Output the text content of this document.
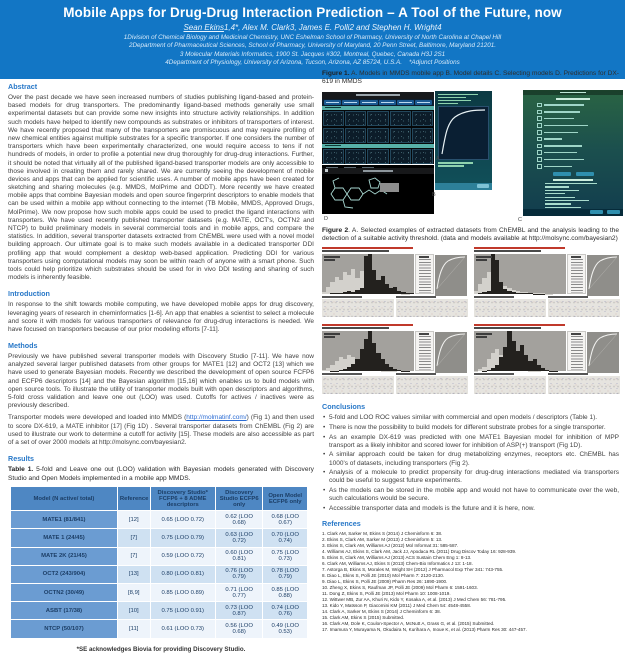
Mobile Apps for Drug-Drug Interaction Prediction – A Tool of the Future, now
Sean Ekins1,4*, Alex M. Clark3, James E. Polli2 and Stephen H. Wright4
1Division of Chemical Biology and Medicinal Chemistry, UNC Eshelman School of Pharmacy, University of North Carolina at Chapel Hill
2Department of Pharmaceutical Sciences, School of Pharmacy, University of Maryland, 20 Penn Street, Baltimore, Maryland 21201.
3 Molecular Materials Informatics, 1900 St. Jacques #302, Montreal, Quebec, Canada H3J 2S1
4Department of Physiology, University of Arizona, Tucson, Arizona, AZ 85724, U.S.A.    *Adjunct Positions
Abstract

Over the past decade we have seen increased numbers of studies publishing ligand-based and protein-based models for drug transporters. The predominantly ligand-based methods generally use small experimental datasets but can provide some new insights into structure activity relationships. In addition such models have helped to identify new compounds as substrates or inhibitors of transporters of interest. We have recently proposed that many of the transporters are promiscuous and may require profiling of new chemical entities against multiple substrates for a specific transporter. If one considers the number of transporters which have been experimentally characterized, one would require access to tens if not hundreds of models, in order to profile a potential new drug thoroughly for drug-drug interactions. Further, it should be noted that virtually all of the published ligand-based transporter models are only accessible to those involved in creating them and rarely shared. We are currently seeing the development of mobile devices and apps that can be applied for scientific uses. A number of mobile apps have been created for sketching and sharing molecules (e.g. MMDS, MolPrime and ODDT). More recently we have created mobile apps that combine Bayesian models and open source fingerprint descriptors to enable models that can be used within a mobile app without connecting to the internet (TB Mobile, MMDS, Approved Drugs, MolPrime). We now propose how such mobile apps could be used to predict the ligand interactions with transporters. We have used recently published transporter datasets (e.g. MATE, OCT's, OCTN2 and NTCP) to build preliminary models in several commercial tools and in mobile apps, and compare the statistics. In addition, several transporter datasets extracted from ChEMBL were used with a novel model building approach. Our ultimate goal is to make such models available in a dedicated transporter DDI profiling app that would complement a desktop web-based application. Predicting DDI for various transporters using computational models may soon be within reach of anyone with a smart phone. Such tools could help prioritize which substrates should be used for in vivo DDI testing and sharing of such models is inherently feasible.

Introduction

In response to the shift towards mobile computing, we have developed mobile apps for drug discovery, leveraging years of research in cheminformatics [1-6]. An app that enables a scientist to select a molecule and score it with models for various transporters of relevance for drug-drug interactions is needed. We have focused on transporters because of our prior modeling efforts [7-11].

Methods

Previously we have published several transporter models with Discovery Studio [7-11]. We have now analyzed several larger published datasets from other groups for MATE1 [12] and OCT2 [13] which we have used to generate Bayesian models. Recently we described the development of open source FCFP6 and ECFP6 descriptors [14] and the Bayesian algorithm [15,16] which enables us to build models with open source tools. To illustrate the utility of transporter models built with open descriptors and algorithms, 5-fold cross validation and leave one out (LOO) was used. Cutoffs for actives / inactives were as previously described.

Transporter models were developed and loaded into MMDS (http://molmatinf.com/) (Fig 1) and then used to score DX-619, a MATE inhibitor [17] (Fig 1D) . Several transporter datasets from ChEMBL (Fig 2) are used to illustrate our work to determine a cutoff for activity [15]. These models are also accessible as part of a set of over 2000 models at http://molsync.com/bayesian2.

Results

Table 1. 5-fold and Leave one out (LOO) validation with Bayesian models generated with Discovery Studio and Open Models implemented in a mobile app MMDS.

Model (N active/ total)	Reference	Discovery Studio* FCFP6 + 8 ADME descriptors	Discovery Studio ECFP6 only	Open Model ECFP6 only
MATE1 (81/841)	[12]	0.65 (LOO 0.72)	0.62 (LOO 0.68)	0.68 (LOO 0.67)
MATE 1 (24/45)	[7]	0.75 (LOO 0.79)	0.63 (LOO 0.72)	0.70 (LOO 0.74)
MATE 2K (21/45)	[7]	0.59 (LOO 0.72)	0.60 (LOO 0.81)	0.75 (LOO 0.73)
OCT2 (243/904)	[13]	0.80 (LOO 0.81)	0.76 (LOO 0.79)	0.78 (LOO 0.79)
OCTN2 (30/49)	[8,9]	0.85 (LOO 0.89)	0.71 (LOO 0.77)	0.85 (LOO 0.88)
ASBT (17/38)	[10]	0.75 (LOO 0.91)	0.73 (LOO 0.87)	0.74 (LOO 0.76)
NTCP (50/107)	[11]	0.61 (LOO 0.73)	0.56 (LOO 0.68)	0.49 (LOO 0.53)
*SE acknowledges Biovia for providing Discovery Studio.

Figure 1. A. Models in MMDS mobile app B. Model details C. Selecting models D. Predictions for DX-619 in MMDS

A
B
C
D

Figure 2. A. Selected examples of extracted datasets from ChEMBL and the analysis leading to the detection of a suitable activity threshold. (data and models available at http://molsync.com/bayesian2)

Conclusions
• 5-fold and LOO ROC values similar with commercial and open models / descriptors (Table 1).
• There is now the possibility to build models for different substrate probes for a single transporter.
• As an example DX-619 was predicted with one MATE1 Bayesian model for inhibition of MPP transport as a likely inhibitor and scored lower for inhibition of ASP(+) transport (Fig 1D).
• A similar approach could be taken for drug metabolizing enzymes, receptors etc. ChEMBL has 1000's of datasets, including transporters (Fig 2).
• Analysis of a molecule to predict propensity for drug-drug interactions mediated via transporters could be useful to suggest future experiments.
• As the models can be stored in the mobile app and would not have to communicate over the web, such calculations would be secure.
• Accessible transporter data and models is the future and it is here, now.
References
1. Clark AM, Sarker M, Ekins S (2014) J Cheminform 6: 38.
2. Ekins S, Clark AM, Sarker M (2013) J Cheminform 5: 13.
3. Ekins S, Clark AM, Williams AJ (2012) Mol Informat 31: 585-587.
4. Williams AJ, Ekins S, Clark AM, Jack JJ, Apodaca RL (2011) Drug Discov Today 16: 928-939.
5. Ekins S, Clark AM, Williams AJ (2013) ACS Sustain Chem Eng 1: 8-13.
6. Clark AM, Williams AJ, Ekins S (2013) Chem-Bio Informatics J 13: 1-18.
7. Astorga B, Ekins S, Morales M, Wright SH (2012) J Pharmacol Exp Ther 341: 743-755.
8. Diao L, Ekins S, Polli JE (2010) Mol Pharm 7: 2120-2130.
9. Diao L, Ekins S, Polli JE (2009) Pharm Res 26: 1890-1900.
10. Zheng X, Ekins S, Raufman JP, Polli JE (2009) Mol Pharm 6: 1591-1603.
11. Dong Z, Ekins S, Polli JE (2013) Mol Pharm 10: 1008-1019.
12. Wittwer MB, Zur AA, Khuri N, Kido Y, Kosaka A, et al. (2013) J Med Chem 56: 781-795.
13. Kido Y, Matsson P, Giacomini KM (2011) J Med Chem 54: 4548-4558.
14. Clark A, Sarker M, Ekins S (2014) J Cheminform 6: 38.
15. Clark AM, Ekins S (2015) Submitted.
16. Clark AM, Dole K, Coulon-Spector A, McNutt A, Grass G, et al. (2015) Submitted.
17. Imamura Y, Murayama N, Okudaira N, Kurihara A, Inoue K, et al. (2013) Pharm Res 30: 447-457.
